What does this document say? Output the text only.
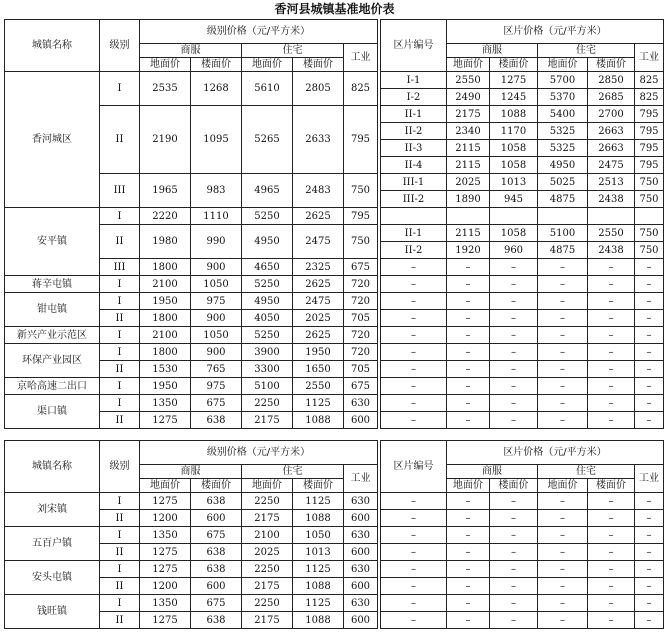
香河县城镇基准地价表
城镇名称	级别	级别价格（元/平方米）						区片编号	区片价格（元/平方米）				
		商服		住宅		工业			商服		住宅		工业
		地面价	楼面价	地面价	楼面价				地面价	楼面价	地面价	楼面价	
香河城区	I	2535	1268	5610	2805	825		I-1	2550	1275	5700	2850	825
								I-2	2490	1245	5370	2685	825
	II	2190	1095	5265	2633	795		II-1	2175	1088	5400	2700	795
								II-2	2340	1170	5325	2663	795
								II-3	2115	1058	5325	2663	795
								II-4	2115	1058	4950	2475	795
	III	1965	983	4965	2483	750		III-1	2025	1013	5025	2513	750
								III-2	1890	945	4875	2438	750
安平镇	I	2220	1110	5250	2625	795							
	II	1980	990	4950	2475	750		II-1	2115	1058	5100	2550	750
								II-2	1920	960	4875	2438	750
	III	1800	900	4650	2325	675		–	–	–	–	–	–
蒋辛屯镇	I	2100	1050	5250	2625	720		–	–	–	–	–	–
钳屯镇	I	1950	975	4950	2475	720		–	–	–	–	–	–
	II	1800	900	4050	2025	705		–	–	–	–	–	–
新兴产业示范区	I	2100	1050	5250	2625	720		–	–	–	–	–	–
环保产业园区	I	1800	900	3900	1950	720		–	–	–	–	–	–
	II	1530	765	3300	1650	705		–	–	–	–	–	–
京哈高速二出口	I	1950	975	5100	2550	675		–	–	–	–	–	–
渠口镇	I	1350	675	2250	1125	630		–	–	–	–	–	–
	II	1275	638	2175	1088	600		–	–	–	–	–	–
城镇名称	级别	级别价格（元/平方米）						区片编号	区片价格（元/平方米）				
		商服		住宅		工业			商服		住宅		工业
		地面价	楼面价	地面价	楼面价				地面价	楼面价	地面价	楼面价	
刘宋镇	I	1275	638	2250	1125	630		–	–	–	–	–	–
	II	1200	600	2175	1088	600		–	–	–	–	–	–
五百户镇	I	1350	675	2100	1050	630		–	–	–	–	–	–
	II	1275	638	2025	1013	600		–	–	–	–	–	–
安头屯镇	I	1275	638	2250	1125	630		–	–	–	–	–	–
	II	1200	600	2175	1088	600		–	–	–	–	–	–
钱旺镇	I	1350	675	2250	1125	630		–	–	–	–	–	–
	II	1275	638	2175	1088	600		–	–	–	–	–	–
